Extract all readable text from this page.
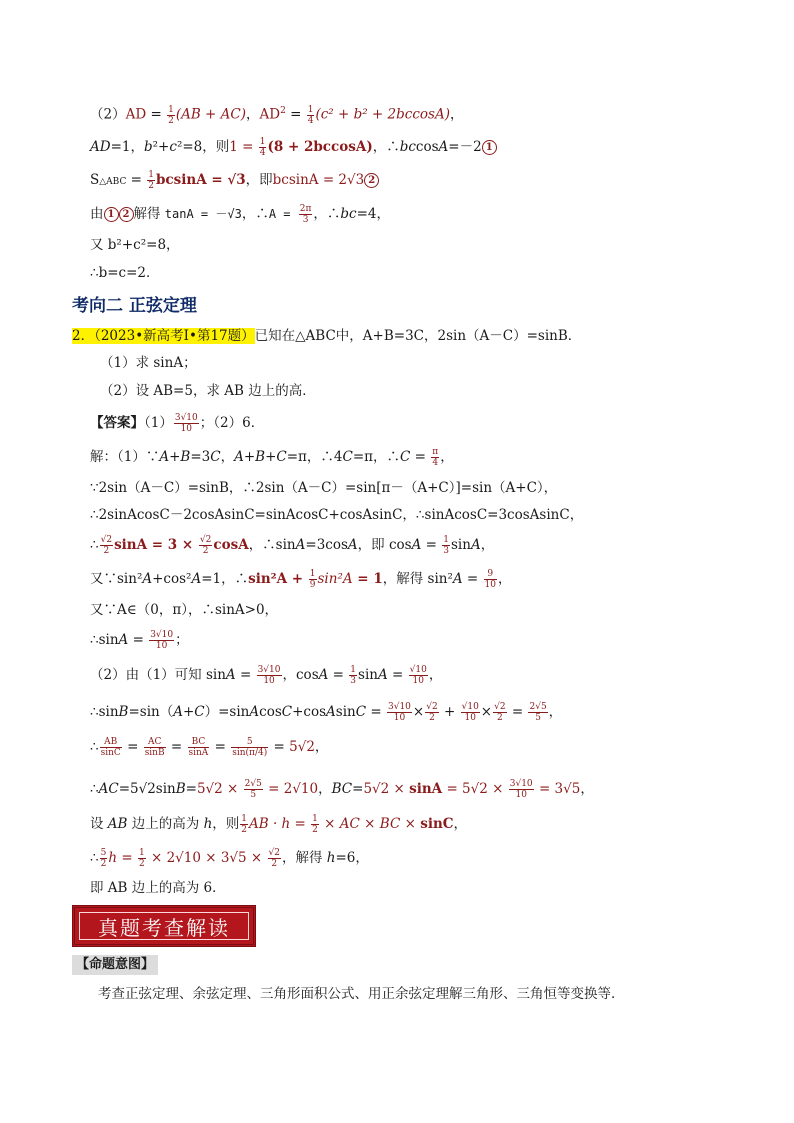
$(2)AD = \frac{1}{2} (AB + AC)$，$AD^2 = \frac{1}{4} (c^2 + b^2 + 2bccosA)$，
AD=1，b²+c²=8，则$1 = \frac{1}{4} (8 + 2bccosA)$，∴bccosA=－2 1
S△ABC = $\frac{1}{2}$ bcsinA = √3，即bcsinA = 2√3 2
由 1 2 解得 tanA = －√3，∴A = $\frac{2\pi}{3}$ ，∴bc=4，
又 b²+c²=8，
∴b=c=2．
考向二 正弦定理
2．（2023•新高考Ⅰ•第17题）已知在△ABC中，A+B=3C，2sin（A－C）=sinB．
（1）求 sinA；
（2）设 AB=5，求 AB 边上的高．
【答案】$(1) \frac{3√10}{10}$ ；（2）6．
解：（1）∵A+B=3C，A+B+C=π，∴4C=π，∴C = $\frac{\pi}{4}$ ，
∵2sin（A－C）=sinB，∴2sin（A－C）=sin[π－（A+C）]=sin（A+C），
∴2sinAcosC－2cosAsinC=sinAcosC+cosAsinC，∴sinAcosC=3cosAsinC，
∴ $\frac{√2}{2}$ $\sin A = 3 \times \frac{√2}{2}$ cosA，∴sinA=3cosA，即 $\cos A = \frac{1}{3}$ sinA，
又∵sin²A+cos²A=1，∴sin²A + $\frac{1}{9} \sin^2A = 1$，解得 $\sin^2A = \frac{9}{10}$ ，
又∵A∈（0，π），∴sinA>0，
∴sinA = $\frac{3√10}{10}$ ；
（2）由（1）可知 $\sin A = \frac{3√10}{10}$ ，$\cos A = \frac{1}{3}$ $\sin A = \frac{√10}{10}$ ，
∴sinB=sin（A+C）=sinAcosC+cosAsinC = $\frac{3√10}{10} \times \frac{√2}{2} + \frac{√10}{10} \times \frac{√2}{2} = \frac{2√5}{5}$ ，
∴ $\frac{AB}{\sin C} = \frac{AC}{\sin B} = \frac{BC}{\sin A} = \frac{5}{\sin(\pi/4)} = 5√2$，
∴AC=5√2sinB=5√2 × $\frac{2√5}{5} = 2√10$，$BC=5√2 \times \sin A = 5√2 \times \frac{3√10}{10} = 3√5$，
设 AB 边上的高为 h，则 $\frac{1}{2}$ AB · $h = \frac{1}{2}$ × AC × BC × sinC，
∴ $\frac{5}{2}$ $h = \frac{1}{2} \times 2√10 \times 3√5 \times \frac{√2}{2}$ ，解得 h=6，
即 AB 边上的高为 6．
真题考查解读
【命题意图】
考查正弦定理、余弦定理、三角形面积公式、用正余弦定理解三角形、三角恒等变换等．
